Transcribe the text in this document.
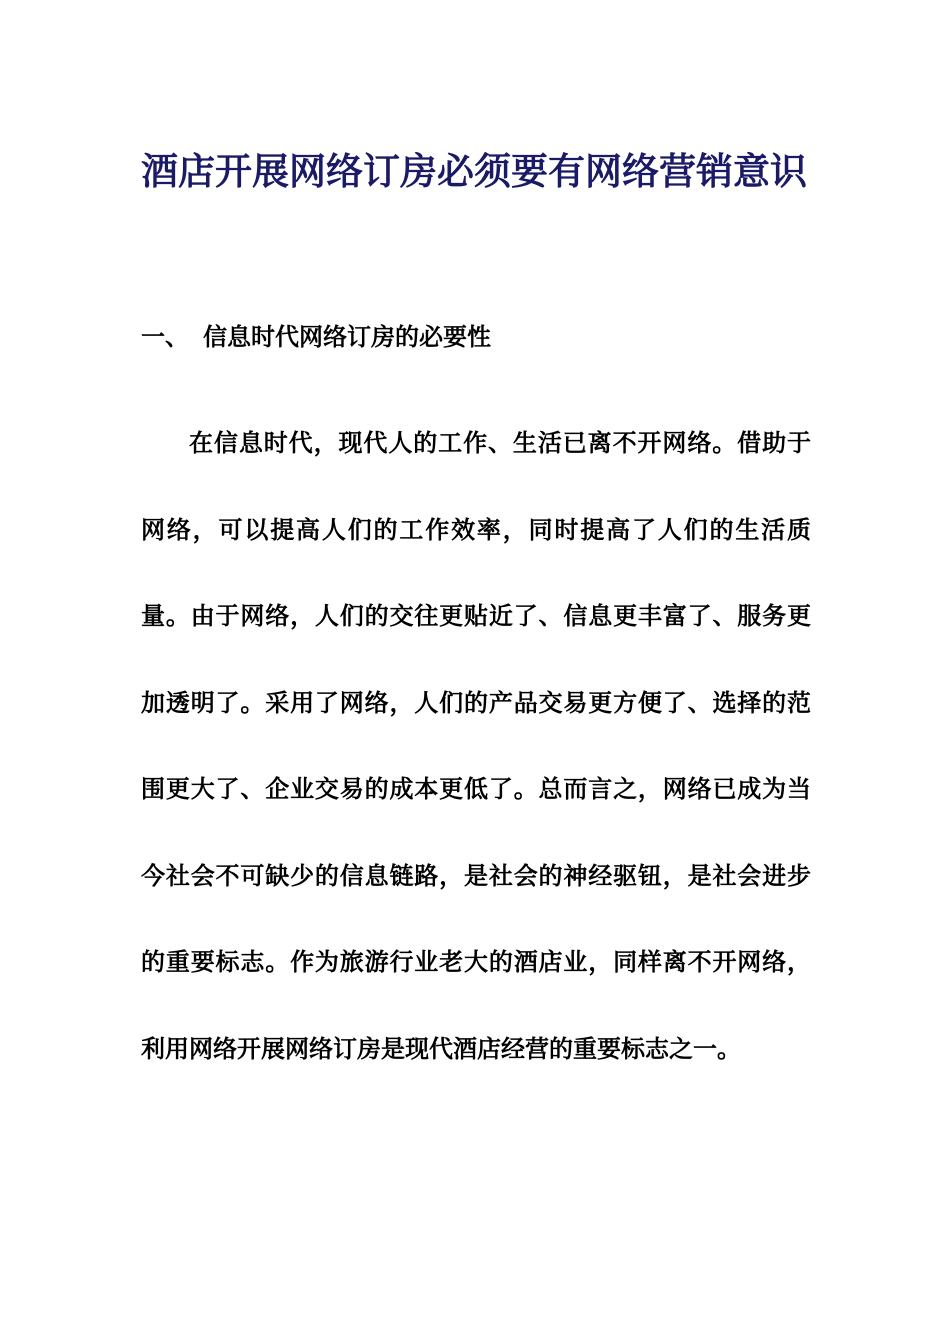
酒店开展网络订房必须要有网络营销意识
一、 信息时代网络订房的必要性

在信息时代，现代人的工作、生活已离不开网络。借助于网络，可以提高人们的工作效率，同时提高了人们的生活质量。由于网络，人们的交往更贴近了、信息更丰富了、服务更加透明了。采用了网络，人们的产品交易更方便了、选择的范围更大了、企业交易的成本更低了。总而言之，网络已成为当今社会不可缺少的信息链路，是社会的神经驱钮，是社会进步的重要标志。作为旅游行业老大的酒店业，同样离不开网络，利用网络开展网络订房是现代酒店经营的重要标志之一。
